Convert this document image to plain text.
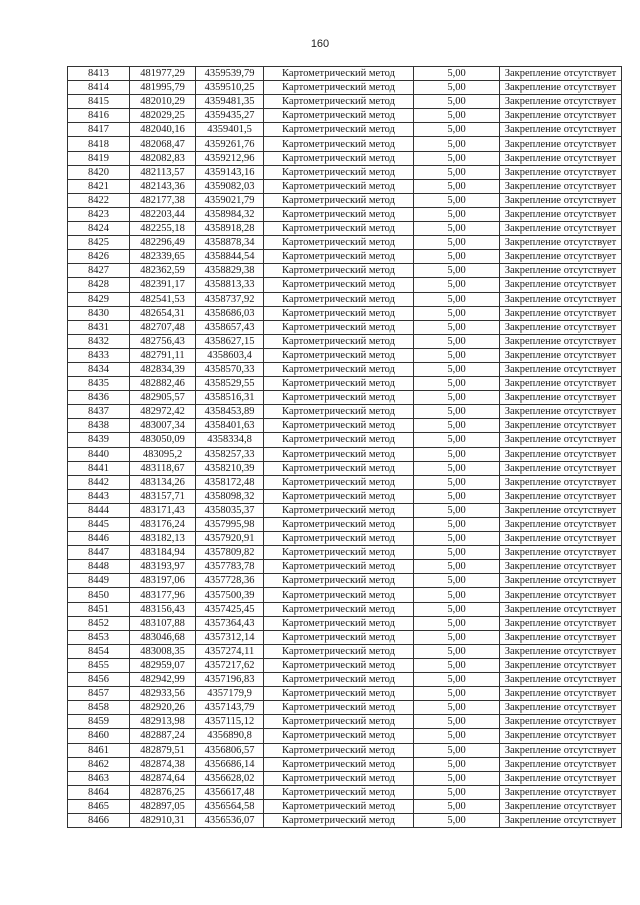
160
8413	481977,29	4359539,79	Картометрический метод	5,00	Закрепление отсутствует
8414	481995,79	4359510,25	Картометрический метод	5,00	Закрепление отсутствует
8415	482010,29	4359481,35	Картометрический метод	5,00	Закрепление отсутствует
8416	482029,25	4359435,27	Картометрический метод	5,00	Закрепление отсутствует
8417	482040,16	4359401,5	Картометрический метод	5,00	Закрепление отсутствует
8418	482068,47	4359261,76	Картометрический метод	5,00	Закрепление отсутствует
8419	482082,83	4359212,96	Картометрический метод	5,00	Закрепление отсутствует
8420	482113,57	4359143,16	Картометрический метод	5,00	Закрепление отсутствует
8421	482143,36	4359082,03	Картометрический метод	5,00	Закрепление отсутствует
8422	482177,38	4359021,79	Картометрический метод	5,00	Закрепление отсутствует
8423	482203,44	4358984,32	Картометрический метод	5,00	Закрепление отсутствует
8424	482255,18	4358918,28	Картометрический метод	5,00	Закрепление отсутствует
8425	482296,49	4358878,34	Картометрический метод	5,00	Закрепление отсутствует
8426	482339,65	4358844,54	Картометрический метод	5,00	Закрепление отсутствует
8427	482362,59	4358829,38	Картометрический метод	5,00	Закрепление отсутствует
8428	482391,17	4358813,33	Картометрический метод	5,00	Закрепление отсутствует
8429	482541,53	4358737,92	Картометрический метод	5,00	Закрепление отсутствует
8430	482654,31	4358686,03	Картометрический метод	5,00	Закрепление отсутствует
8431	482707,48	4358657,43	Картометрический метод	5,00	Закрепление отсутствует
8432	482756,43	4358627,15	Картометрический метод	5,00	Закрепление отсутствует
8433	482791,11	4358603,4	Картометрический метод	5,00	Закрепление отсутствует
8434	482834,39	4358570,33	Картометрический метод	5,00	Закрепление отсутствует
8435	482882,46	4358529,55	Картометрический метод	5,00	Закрепление отсутствует
8436	482905,57	4358516,31	Картометрический метод	5,00	Закрепление отсутствует
8437	482972,42	4358453,89	Картометрический метод	5,00	Закрепление отсутствует
8438	483007,34	4358401,63	Картометрический метод	5,00	Закрепление отсутствует
8439	483050,09	4358334,8	Картометрический метод	5,00	Закрепление отсутствует
8440	483095,2	4358257,33	Картометрический метод	5,00	Закрепление отсутствует
8441	483118,67	4358210,39	Картометрический метод	5,00	Закрепление отсутствует
8442	483134,26	4358172,48	Картометрический метод	5,00	Закрепление отсутствует
8443	483157,71	4358098,32	Картометрический метод	5,00	Закрепление отсутствует
8444	483171,43	4358035,37	Картометрический метод	5,00	Закрепление отсутствует
8445	483176,24	4357995,98	Картометрический метод	5,00	Закрепление отсутствует
8446	483182,13	4357920,91	Картометрический метод	5,00	Закрепление отсутствует
8447	483184,94	4357809,82	Картометрический метод	5,00	Закрепление отсутствует
8448	483193,97	4357783,78	Картометрический метод	5,00	Закрепление отсутствует
8449	483197,06	4357728,36	Картометрический метод	5,00	Закрепление отсутствует
8450	483177,96	4357500,39	Картометрический метод	5,00	Закрепление отсутствует
8451	483156,43	4357425,45	Картометрический метод	5,00	Закрепление отсутствует
8452	483107,88	4357364,43	Картометрический метод	5,00	Закрепление отсутствует
8453	483046,68	4357312,14	Картометрический метод	5,00	Закрепление отсутствует
8454	483008,35	4357274,11	Картометрический метод	5,00	Закрепление отсутствует
8455	482959,07	4357217,62	Картометрический метод	5,00	Закрепление отсутствует
8456	482942,99	4357196,83	Картометрический метод	5,00	Закрепление отсутствует
8457	482933,56	4357179,9	Картометрический метод	5,00	Закрепление отсутствует
8458	482920,26	4357143,79	Картометрический метод	5,00	Закрепление отсутствует
8459	482913,98	4357115,12	Картометрический метод	5,00	Закрепление отсутствует
8460	482887,24	4356890,8	Картометрический метод	5,00	Закрепление отсутствует
8461	482879,51	4356806,57	Картометрический метод	5,00	Закрепление отсутствует
8462	482874,38	4356686,14	Картометрический метод	5,00	Закрепление отсутствует
8463	482874,64	4356628,02	Картометрический метод	5,00	Закрепление отсутствует
8464	482876,25	4356617,48	Картометрический метод	5,00	Закрепление отсутствует
8465	482897,05	4356564,58	Картометрический метод	5,00	Закрепление отсутствует
8466	482910,31	4356536,07	Картометрический метод	5,00	Закрепление отсутствует
